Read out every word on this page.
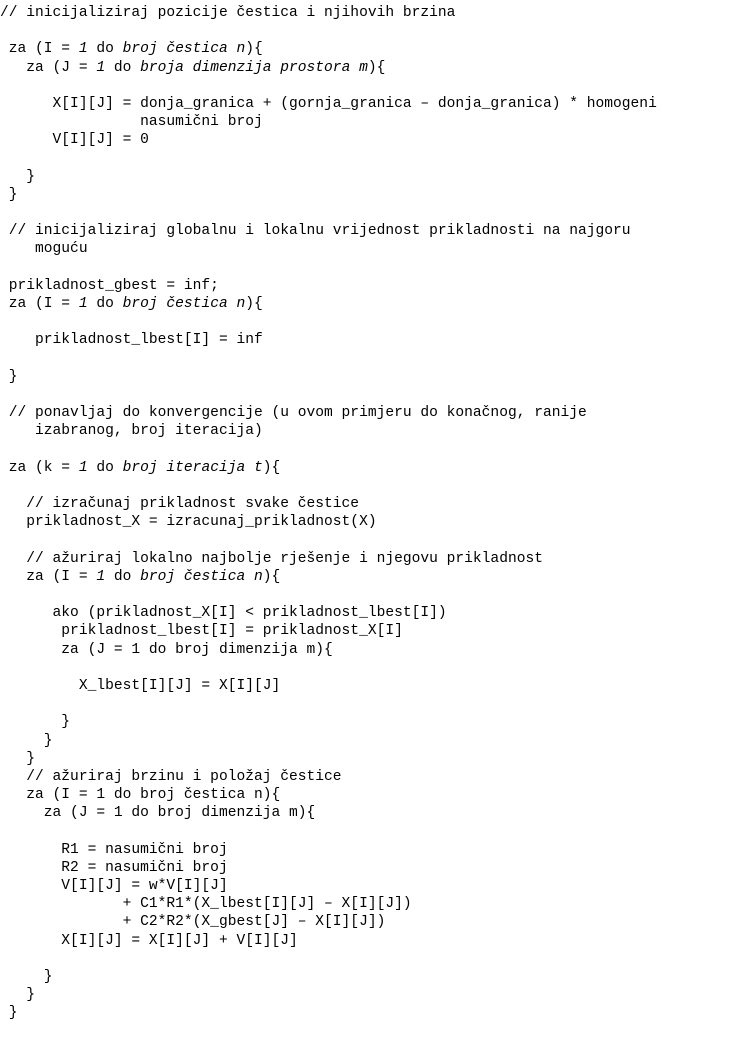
// inicijaliziraj pozicije čestica i njihovih brzina
za (I = 1 do broj čestica n){
za (J = 1 do broja dimenzija prostora m){
X[I][J] = donja_granica + (gornja_granica – donja_granica) * homogeni
nasumični broj
V[I][J] = 0
}
}
// inicijaliziraj globalnu i lokalnu vrijednost prikladnosti na najgoru
moguću
prikladnost_gbest = inf;
za (I = 1 do broj čestica n){
prikladnost_lbest[I] = inf
}
// ponavljaj do konvergencije (u ovom primjeru do konačnog, ranije
izabranog, broj iteracija)
za (k = 1 do broj iteracija t){
// izračunaj prikladnost svake čestice
prikladnost_X = izracunaj_prikladnost(X)
// ažuriraj lokalno najbolje rješenje i njegovu prikladnost
za (I = 1 do broj čestica n){
ako (prikladnost_X[I] < prikladnost_lbest[I])
prikladnost_lbest[I] = prikladnost_X[I]
za (J = 1 do broj dimenzija m){
X_lbest[I][J] = X[I][J]
}
}
}
// ažuriraj brzinu i položaj čestice
za (I = 1 do broj čestica n){
za (J = 1 do broj dimenzija m){
R1 = nasumični broj
R2 = nasumični broj
V[I][J] = w*V[I][J]
+ C1*R1*(X_lbest[I][J] – X[I][J])
+ C2*R2*(X_gbest[J] – X[I][J])
X[I][J] = X[I][J] + V[I][J]
}
}
}
